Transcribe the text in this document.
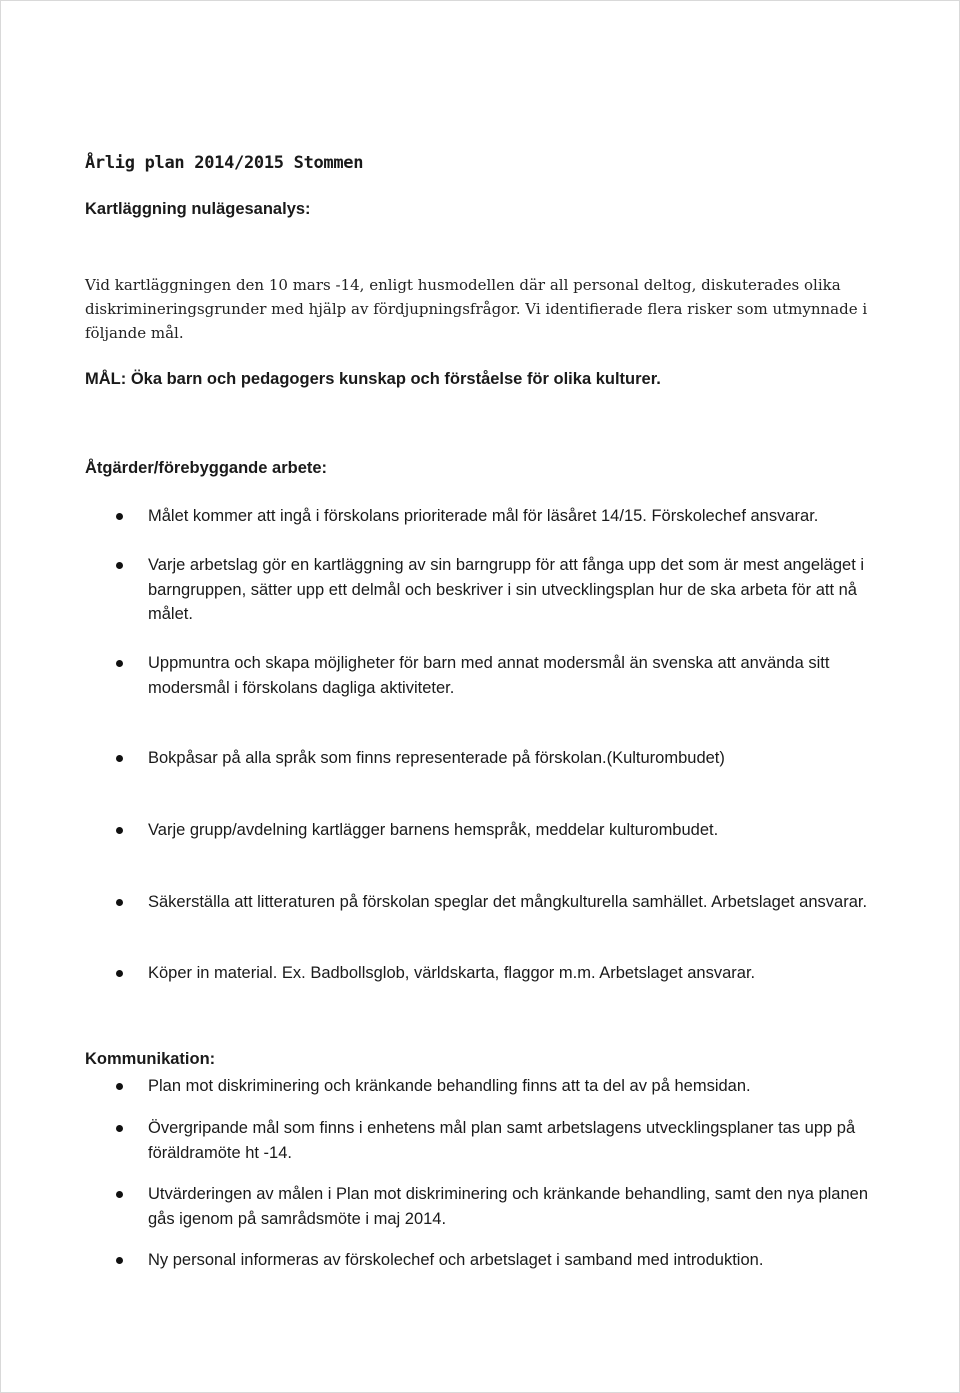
Årlig plan 2014/2015 Stommen
Kartläggning nulägesanalys:

Vid kartläggningen den 10 mars -14, enligt husmodellen där all personal deltog, diskuterades olika diskrimineringsgrunder med hjälp av fördjupningsfrågor. Vi identifierade flera risker som utmynnade i följande mål.

MÅL: Öka barn och pedagogers kunskap och förståelse för olika kulturer.

Åtgärder/förebyggande arbete:
Målet kommer att ingå i förskolans prioriterade mål för läsåret 14/15. Förskolechef ansvarar.
Varje arbetslag gör en kartläggning av sin barngrupp för att fånga upp det som är mest angeläget i barngruppen, sätter upp ett delmål och beskriver i sin utvecklingsplan hur de ska arbeta för att nå målet.
Uppmuntra och skapa möjligheter för barn med annat modersmål än svenska att använda sitt modersmål i förskolans dagliga aktiviteter.
Bokpåsar på alla språk som finns representerade på förskolan.(Kulturombudet)
Varje grupp/avdelning kartlägger barnens hemspråk, meddelar kulturombudet.
Säkerställa att litteraturen på förskolan speglar det mångkulturella samhället. Arbetslaget ansvarar.
Köper in material. Ex. Badbollsglob, världskarta, flaggor m.m. Arbetslaget ansvarar.
Kommunikation:
Plan mot diskriminering och kränkande behandling finns att ta del av på hemsidan.
Övergripande mål som finns i enhetens mål plan samt arbetslagens utvecklingsplaner tas upp på föräldramöte ht -14.
Utvärderingen av målen i Plan mot diskriminering och kränkande behandling, samt den nya planen gås igenom på samrådsmöte i maj 2014.
Ny personal informeras av förskolechef och arbetslaget i samband med introduktion.
